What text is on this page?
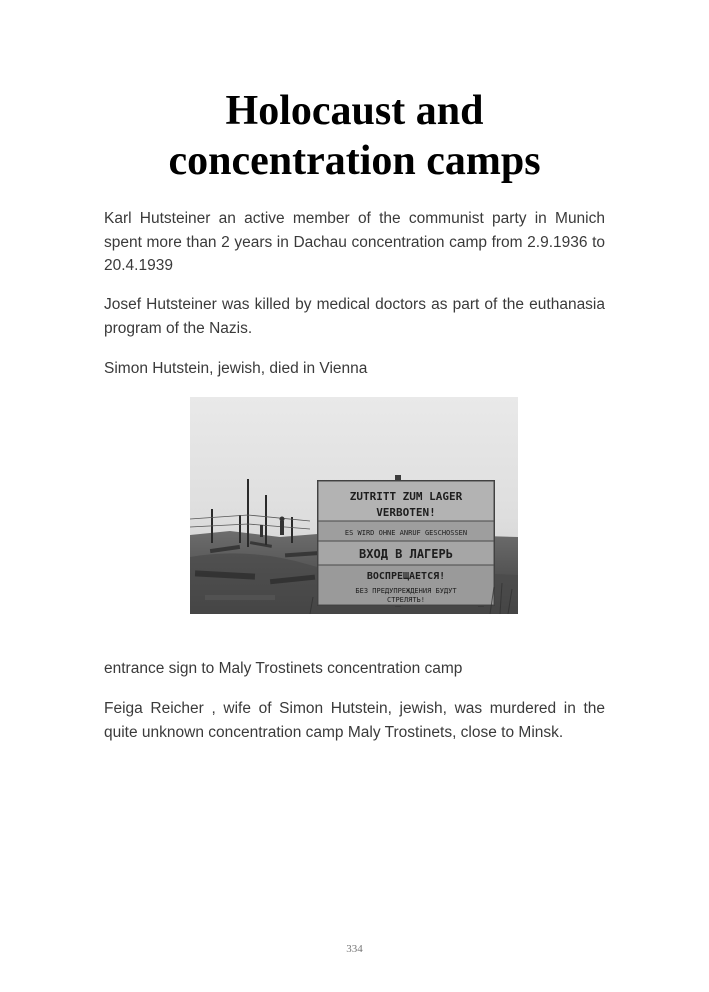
Holocaust and
concentration camps

Karl Hutsteiner an active member of the communist party in Munich spent more than 2 years in Dachau concentration camp from 2.9.1936 to 20.4.1939

Josef Hutsteiner was killed by medical doctors as part of the euthanasia program of the Nazis.

Simon Hutstein, jewish, died in Vienna

ZUTRITT ZUM LAGER
VERBOTEN!
ES WIRD OHNE ANRUF GESCHOSSEN
ВХОД В ЛАГЕРЬ
ВОСПРЕЩАЕТСЯ!
БЕЗ ПРЕДУПРЕЖДЕНИЯ БУДУТ
СТРЕЛЯТЬ!

entrance sign to Maly Trostinets concentration camp

Feiga Reicher , wife of Simon Hutstein, jewish, was murdered in the quite unknown concentration camp Maly Trostinets, close to Minsk.

334
